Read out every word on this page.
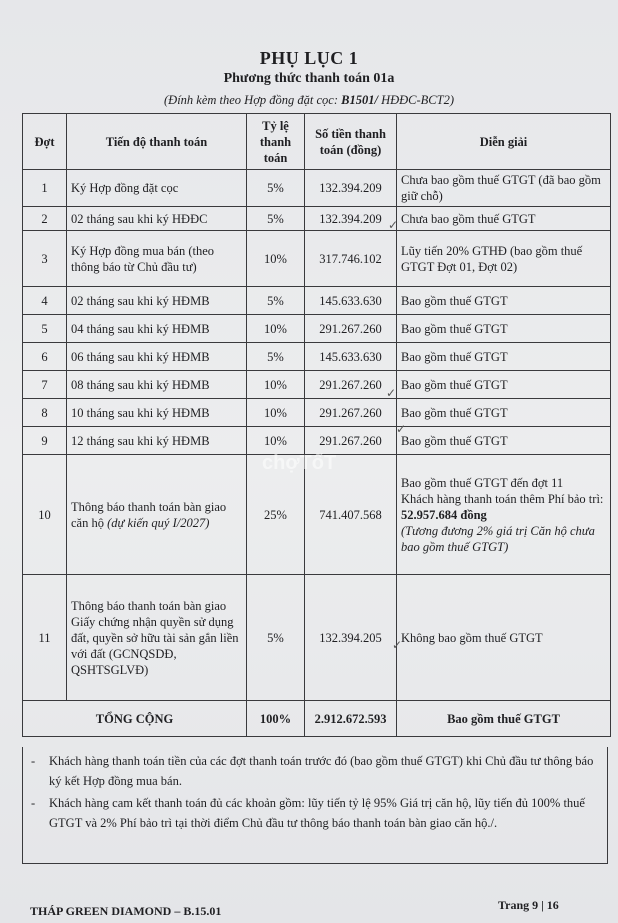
PHỤ LỤC 1
Phương thức thanh toán 01a
(Đính kèm theo Hợp đồng đặt cọc: B1501/ HĐĐC-BCT2)
Đợt	Tiến độ thanh toán	Tỷ lệ thanh toán	Số tiền thanh toán (đồng)	Diễn giải
1	Ký Hợp đồng đặt cọc	5%	132.394.209	Chưa bao gồm thuế GTGT (đã bao gồm giữ chỗ)
2	02 tháng sau khi ký HĐĐC	5%	132.394.209	Chưa bao gồm thuế GTGT
3	Ký Hợp đồng mua bán (theo thông báo từ Chủ đầu tư)	10%	317.746.102	Lũy tiến 20% GTHĐ (bao gồm thuế GTGT Đợt 01, Đợt 02)
4	02 tháng sau khi ký HĐMB	5%	145.633.630	Bao gồm thuế GTGT
5	04 tháng sau khi ký HĐMB	10%	291.267.260	Bao gồm thuế GTGT
6	06 tháng sau khi ký HĐMB	5%	145.633.630	Bao gồm thuế GTGT
7	08 tháng sau khi ký HĐMB	10%	291.267.260	Bao gồm thuế GTGT
8	10 tháng sau khi ký HĐMB	10%	291.267.260	Bao gồm thuế GTGT
9	12 tháng sau khi ký HĐMB	10%	291.267.260	Bao gồm thuế GTGT
10	Thông báo thanh toán bàn giao căn hộ (dự kiến quý I/2027)	25%	741.407.568	Bao gồm thuế GTGT đến đợt 11
Khách hàng thanh toán thêm Phí bảo trì: 52.957.684 đồng
(Tương đương 2% giá trị Căn hộ chưa bao gồm thuế GTGT)

11	Thông báo thanh toán bàn giao Giấy chứng nhận quyền sử dụng đất, quyền sở hữu tài sản gắn liền với đất (GCNQSDĐ, QSHTSGLVĐ)	5%	132.394.205	Không bao gồm thuế GTGT
TỔNG CỘNG		100%	2.912.672.593	Bao gồm thuế GTGT
- Khách hàng thanh toán tiền của các đợt thanh toán trước đó (bao gồm thuế GTGT) khi Chủ đầu tư thông báo ký kết Hợp đồng mua bán.
- Khách hàng cam kết thanh toán đủ các khoản gồm: lũy tiến tỷ lệ 95% Giá trị căn hộ, lũy tiến đủ 100% thuế GTGT và 2% Phí bảo trì tại thời điểm Chủ đầu tư thông báo thanh toán bàn giao căn hộ./.
chợTốT
✓
✓
✓
✓
THÁP GREEN DIAMOND – B.15.01	Trang 9 | 16
